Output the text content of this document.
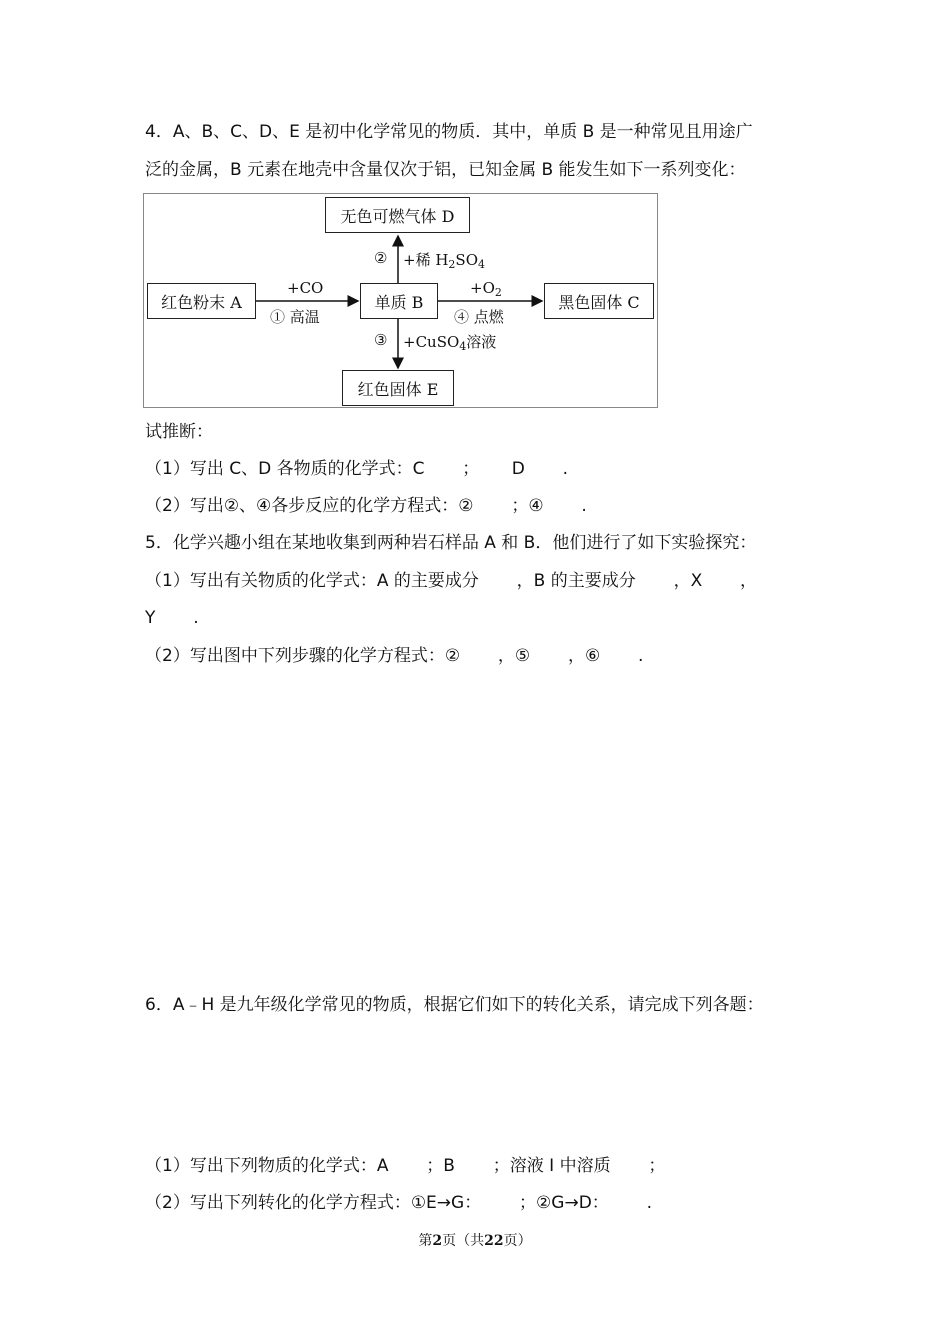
4．A、B、C、D、E 是初中化学常见的物质．其中，单质 B 是一种常见且用途广
泛的金属，B 元素在地壳中含量仅次于铝，已知金属 B 能发生如下一系列变化：
无色可燃气体 D
红色粉末 A	单质 B	黑色固体 C
红色固体 E
+CO
① 高温
② +稀 $H_2SO_4$
③ +CuSO$_4$溶液
$+O_2$
④ 点燃
试推断：
（1）写出 C、D 各物质的化学式：C       ；      D       .
（2）写出②、④各步反应的化学方程式：②       ；④       .
5．化学兴趣小组在某地收集到两种岩石样品 A 和 B．他们进行了如下实验探究：
（1）写出有关物质的化学式：A 的主要成分       ，B 的主要成分       ，X       ，
Y       .
（2）写出图中下列步骤的化学方程式：②       ，⑤       ，⑥       .
6．A﹣H 是九年级化学常见的物质，根据它们如下的转化关系，请完成下列各题：
（1）写出下列物质的化学式：A       ；B       ；溶液 I 中溶质       ；
（2）写出下列转化的化学方程式：①E→G：       ；②G→D：       .
第2页（共22页）
